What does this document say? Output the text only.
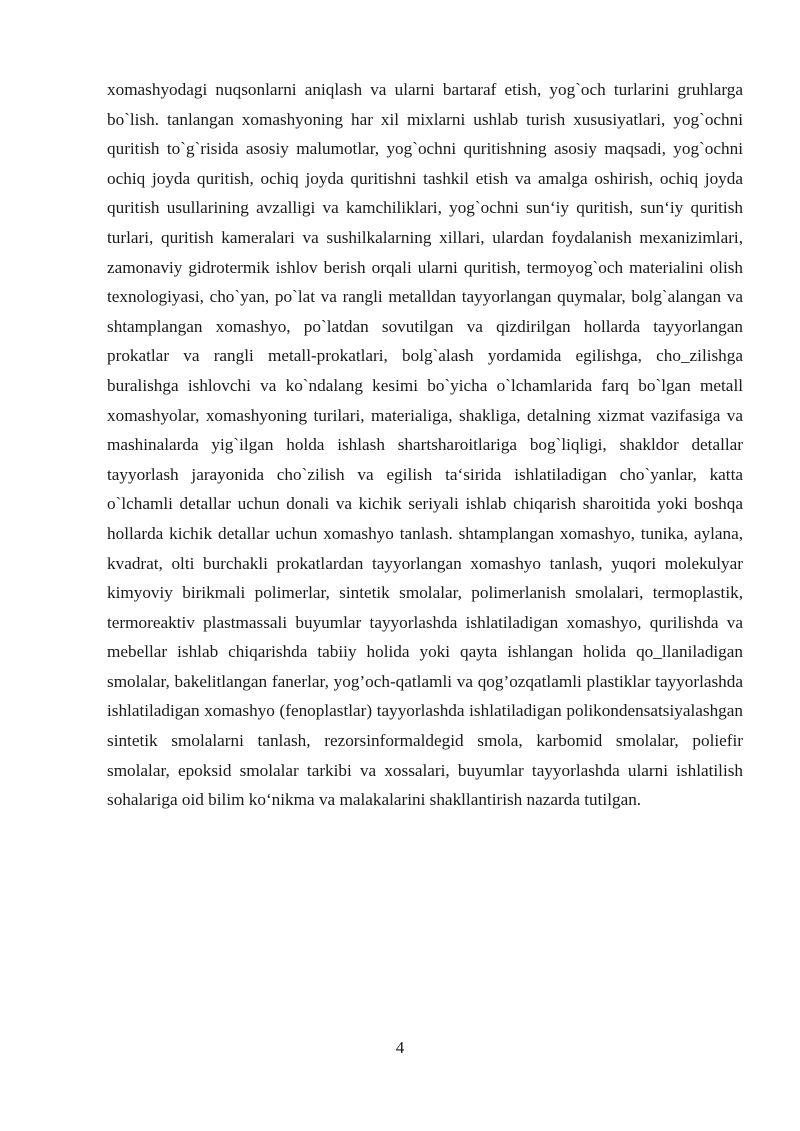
xomashyodagi nuqsonlarni aniqlash va ularni bartaraf etish, yog`och turlarini gruhlarga bo`lish. tanlangan xomashyoning har xil mixlarni ushlab turish xususiyatlari, yog`ochni quritish to`g`risida asosiy malumotlar, yog`ochni quritishning asosiy maqsadi, yog`ochni ochiq joyda quritish, ochiq joyda quritishni tashkil etish va amalga oshirish, ochiq joyda quritish usullarining avzalligi va kamchiliklari, yog`ochni sun‘iy quritish, sun‘iy quritish turlari, quritish kameralari va sushilkalarning xillari, ulardan foydalanish mexanizimlari, zamonaviy gidrotermik ishlov berish orqali ularni quritish, termoyog`och materialini olish texnologiyasi, cho`yan, po`lat va rangli metalldan tayyorlangan quymalar, bolg`alangan va shtamplangan xomashyo, po`latdan sovutilgan va qizdirilgan hollarda tayyorlangan prokatlar va rangli metall-prokatlari, bolg`alash yordamida egilishga, cho_zilishga buralishga ishlovchi va ko`ndalang kesimi bo`yicha o`lchamlarida farq bo`lgan metall xomashyolar, xomashyoning turilari, materialiga, shakliga, detalning xizmat vazifasiga va mashinalarda yig`ilgan holda ishlash shartsharoitlariga bog`liqligi, shakldor detallar tayyorlash jarayonida cho`zilish va egilish ta‘sirida ishlatiladigan cho`yanlar, katta o`lchamli detallar uchun donali va kichik seriyali ishlab chiqarish sharoitida yoki boshqa hollarda kichik detallar uchun xomashyo tanlash. shtamplangan xomashyo, tunika, aylana, kvadrat, olti burchakli prokatlardan tayyorlangan xomashyo tanlash, yuqori molekulyar kimyoviy birikmali polimerlar, sintetik smolalar, polimerlanish smolalari, termoplastik, termoreaktiv plastmassali buyumlar tayyorlashda ishlatiladigan xomashyo, qurilishda va mebellar ishlab chiqarishda tabiiy holida yoki qayta ishlangan holida qo_llaniladigan smolalar, bakelitlangan fanerlar, yog’och-qatlamli va qog’ozqatlamli plastiklar tayyorlashda ishlatiladigan xomashyo (fenoplastlar) tayyorlashda ishlatiladigan polikondensatsiyalashgan sintetik smolalarni tanlash, rezorsinformaldegid smola, karbomid smolalar, poliefir smolalar, epoksid smolalar tarkibi va xossalari, buyumlar tayyorlashda ularni ishlatilish sohalariga oid bilim ko‘nikma va malakalarini shakllantirish nazarda tutilgan.

4
